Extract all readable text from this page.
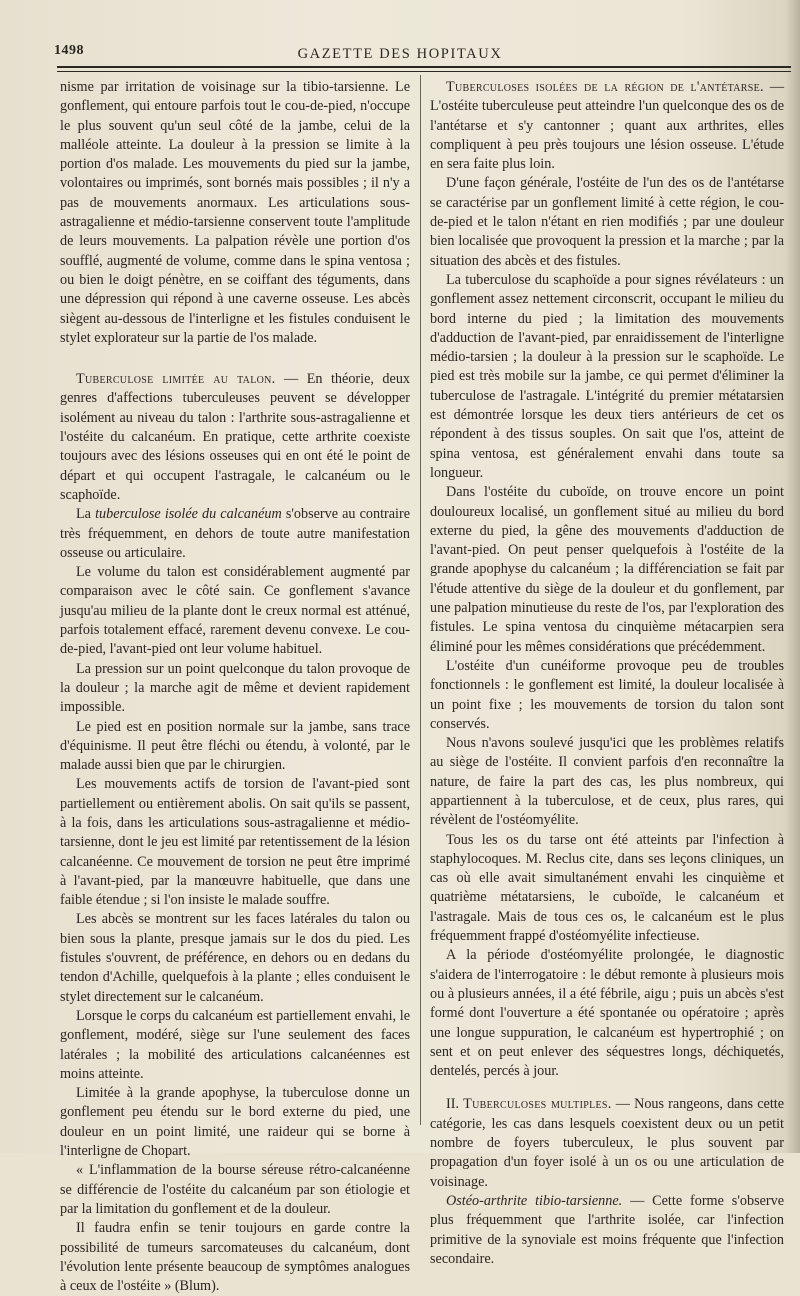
1498	GAZETTE DES HOPITAUX

nisme par irritation de voisinage sur la tibio-tarsienne. Le gonflement, qui entoure parfois tout le cou-de-pied, n'occupe le plus souvent qu'un seul côté de la jambe, celui de la malléole atteinte. La douleur à la pression se limite à la portion d'os malade. Les mouvements du pied sur la jambe, volontaires ou imprimés, sont bornés mais possibles ; il n'y a pas de mouvements anormaux. Les articulations sous-astragalienne et médio-tarsienne conservent toute l'amplitude de leurs mouvements. La palpation révèle une portion d'os soufflé, augmenté de volume, comme dans le spina ventosa ; ou bien le doigt pénètre, en se coiffant des téguments, dans une dépression qui répond à une caverne osseuse. Les abcès siègent au-dessous de l'interligne et les fistules conduisent le stylet explorateur sur la partie de l'os malade.

Tuberculose limitée au talon. — En théorie, deux genres d'affections tuberculeuses peuvent se développer isolément au niveau du talon : l'arthrite sous-astragalienne et l'ostéite du calcanéum. En pratique, cette arthrite coexiste toujours avec des lésions osseuses qui en ont été le point de départ et qui occupent l'astragale, le calcanéum ou le scaphoïde.

La tuberculose isolée du calcanéum s'observe au contraire très fréquemment, en dehors de toute autre manifestation osseuse ou articulaire.

Le volume du talon est considérablement augmenté par comparaison avec le côté sain. Ce gonflement s'avance jusqu'au milieu de la plante dont le creux normal est atténué, parfois totalement effacé, rarement devenu convexe. Le cou-de-pied, l'avant-pied ont leur volume habituel.

La pression sur un point quelconque du talon provoque de la douleur ; la marche agit de même et devient rapidement impossible.

Le pied est en position normale sur la jambe, sans trace d'équinisme. Il peut être fléchi ou étendu, à volonté, par le malade aussi bien que par le chirurgien.

Les mouvements actifs de torsion de l'avant-pied sont partiellement ou entièrement abolis. On sait qu'ils se passent, à la fois, dans les articulations sous-astragalienne et médio-tarsienne, dont le jeu est limité par retentissement de la lésion calcanéenne. Ce mouvement de torsion ne peut être imprimé à l'avant-pied, par la manœuvre habituelle, que dans une faible étendue ; si l'on insiste le malade souffre.

Les abcès se montrent sur les faces latérales du talon ou bien sous la plante, presque jamais sur le dos du pied. Les fistules s'ouvrent, de préférence, en dehors ou en dedans du tendon d'Achille, quelquefois à la plante ; elles conduisent le stylet directement sur le calcanéum.

Lorsque le corps du calcanéum est partiellement envahi, le gonflement, modéré, siège sur l'une seulement des faces latérales ; la mobilité des articulations calcanéennes est moins atteinte.

Limitée à la grande apophyse, la tuberculose donne un gonflement peu étendu sur le bord externe du pied, une douleur en un point limité, une raideur qui se borne à l'interligne de Chopart.

« L'inflammation de la bourse séreuse rétro-calcanéenne se différencie de l'ostéite du calcanéum par son étiologie et par la limitation du gonflement et de la douleur.

Il faudra enfin se tenir toujours en garde contre la possibilité de tumeurs sarcomateuses du calcanéum, dont l'évolution lente présente beaucoup de symptômes analogues à ceux de l'ostéite » (Blum).

Tuberculoses isolées de la région de l'antétarse. — L'ostéite tuberculeuse peut atteindre l'un quelconque des os de l'antétarse et s'y cantonner ; quant aux arthrites, elles compliquent à peu près toujours une lésion osseuse. L'étude en sera faite plus loin.

D'une façon générale, l'ostéite de l'un des os de l'antétarse se caractérise par un gonflement limité à cette région, le cou-de-pied et le talon n'étant en rien modifiés ; par une douleur bien localisée que provoquent la pression et la marche ; par la situation des abcès et des fistules.

La tuberculose du scaphoïde a pour signes révélateurs : un gonflement assez nettement circonscrit, occupant le milieu du bord interne du pied ; la limitation des mouvements d'adduction de l'avant-pied, par enraidissement de l'interligne médio-tarsien ; la douleur à la pression sur le scaphoïde. Le pied est très mobile sur la jambe, ce qui permet d'éliminer la tuberculose de l'astragale. L'intégrité du premier métatarsien est démontrée lorsque les deux tiers antérieurs de cet os répondent à des tissus souples. On sait que l'os, atteint de spina ventosa, est généralement envahi dans toute sa longueur.

Dans l'ostéite du cuboïde, on trouve encore un point douloureux localisé, un gonflement situé au milieu du bord externe du pied, la gêne des mouvements d'adduction de l'avant-pied. On peut penser quelquefois à l'ostéite de la grande apophyse du calcanéum ; la différenciation se fait par l'étude attentive du siège de la douleur et du gonflement, par une palpation minutieuse du reste de l'os, par l'exploration des fistules. Le spina ventosa du cinquième métacarpien sera éliminé pour les mêmes considérations que précédemment.

L'ostéite d'un cunéiforme provoque peu de troubles fonctionnels : le gonflement est limité, la douleur localisée à un point fixe ; les mouvements de torsion du talon sont conservés.

Nous n'avons soulevé jusqu'ici que les problèmes relatifs au siège de l'ostéite. Il convient parfois d'en reconnaître la nature, de faire la part des cas, les plus nombreux, qui appartiennent à la tuberculose, et de ceux, plus rares, qui révèlent de l'ostéomyélite.

Tous les os du tarse ont été atteints par l'infection à staphylocoques. M. Reclus cite, dans ses leçons cliniques, un cas où elle avait simultanément envahi les cinquième et quatrième métatarsiens, le cuboïde, le calcanéum et l'astragale. Mais de tous ces os, le calcanéum est le plus fréquemment frappé d'ostéomyélite infectieuse.

A la période d'ostéomyélite prolongée, le diagnostic s'aidera de l'interrogatoire : le début remonte à plusieurs mois ou à plusieurs années, il a été fébrile, aigu ; puis un abcès s'est formé dont l'ouverture a été spontanée ou opératoire ; après une longue suppuration, le calcanéum est hypertrophié ; on sent et on peut enlever des séquestres longs, déchiquetés, dentelés, percés à jour.

II. Tuberculoses multiples. — Nous rangeons, dans cette catégorie, les cas dans lesquels coexistent deux ou un petit nombre de foyers tuberculeux, le plus souvent par propagation d'un foyer isolé à un os ou une articulation de voisinage.

Ostéo-arthrite tibio-tarsienne. — Cette forme s'observe plus fréquemment que l'arthrite isolée, car l'infection primitive de la synoviale est moins fréquente que l'infection secondaire.
